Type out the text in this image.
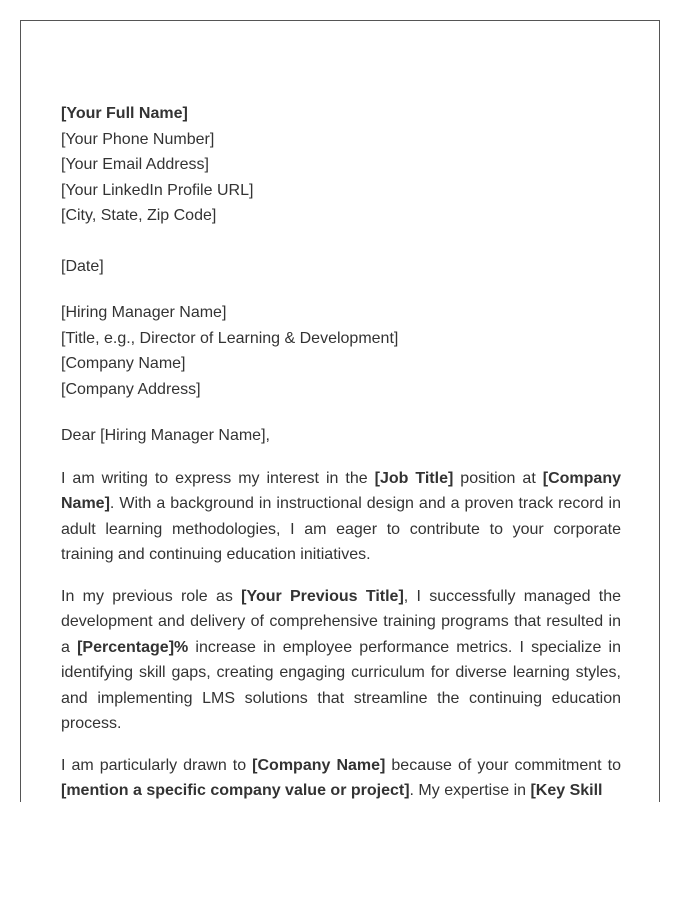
[Your Full Name]
[Your Phone Number]
[Your Email Address]
[Your LinkedIn Profile URL]
[City, State, Zip Code]
[Date]
[Hiring Manager Name]
[Title, e.g., Director of Learning & Development]
[Company Name]
[Company Address]
Dear [Hiring Manager Name],

I am writing to express my interest in the [Job Title] position at [Company Name]. With a background in instructional design and a proven track record in adult learning methodologies, I am eager to contribute to your corporate training and continuing education initiatives.

In my previous role as [Your Previous Title], I successfully managed the development and delivery of comprehensive training programs that resulted in a [Percentage]% increase in employee performance metrics. I specialize in identifying skill gaps, creating engaging curriculum for diverse learning styles, and implementing LMS solutions that streamline the continuing education process.

I am particularly drawn to [Company Name] because of your commitment to [mention a specific company value or project]. My expertise in [Key Skill
